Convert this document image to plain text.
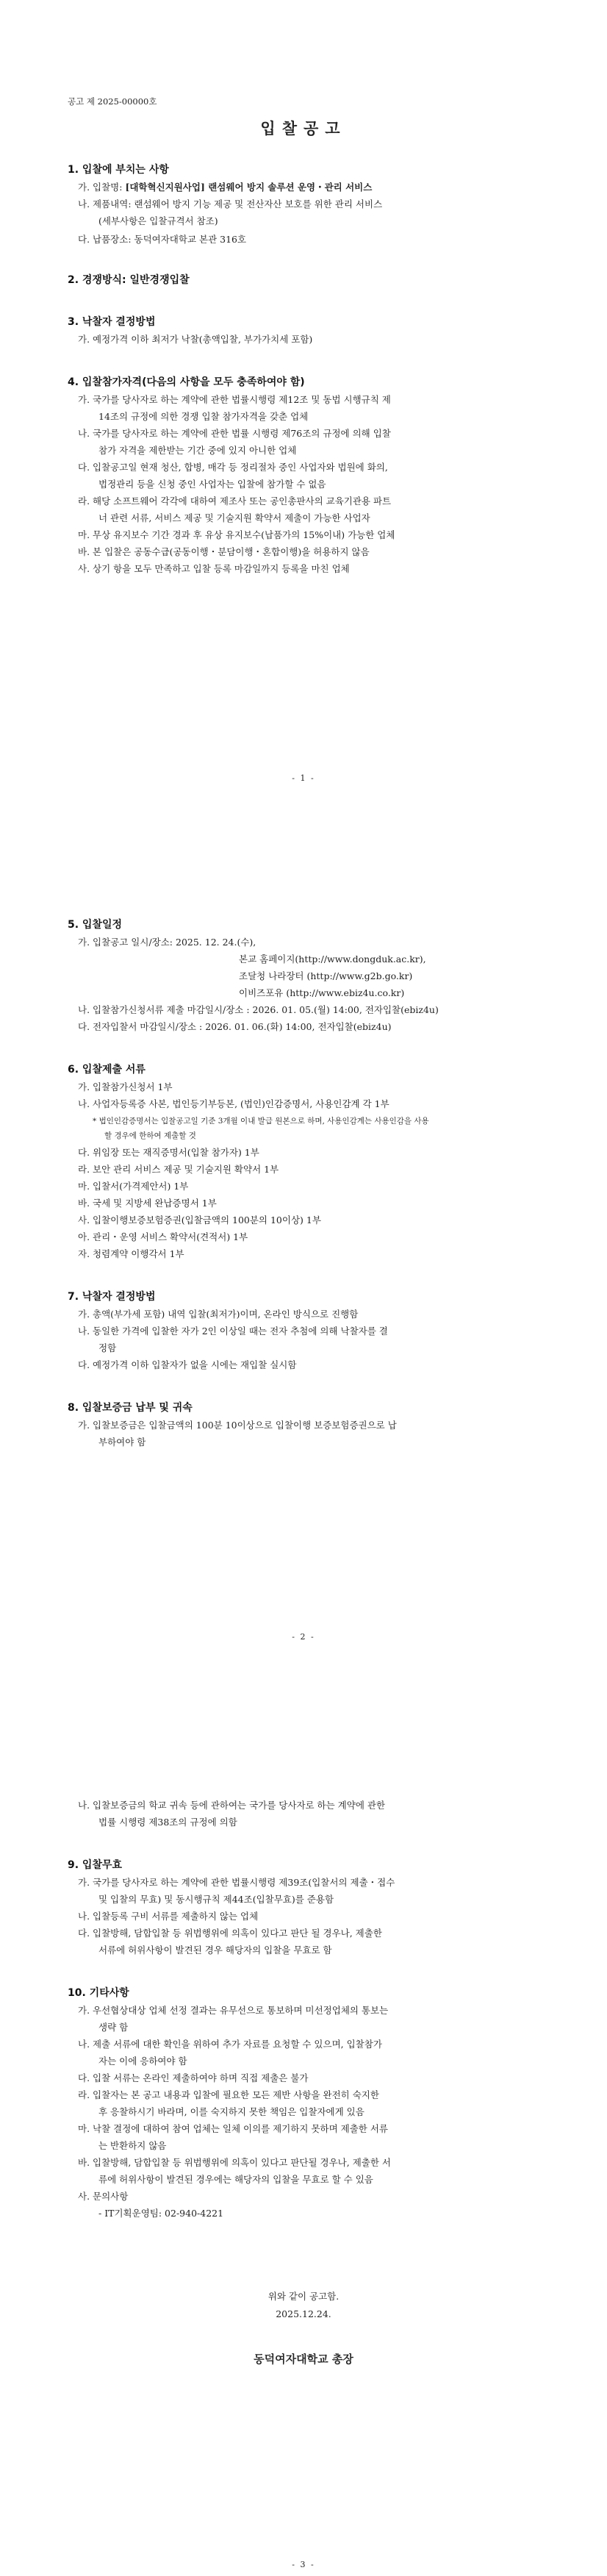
공고 제 2025-00000호
입찰공고
1. 입찰에 부치는 사항
가. 입찰명: [대학혁신지원사업] 랜섬웨어 방지 솔루션 운영・관리 서비스
나. 제품내역: 랜섬웨어 방지 기능 제공 및 전산자산 보호를 위한 관리 서비스
(세부사항은 입찰규격서 참조)
다. 납품장소: 동덕여자대학교 본관 316호
2. 경쟁방식: 일반경쟁입찰
3. 낙찰자 결정방법
가. 예정가격 이하 최저가 낙찰(총액입찰, 부가가치세 포함)
4. 입찰참가자격(다음의 사항을 모두 충족하여야 함)
가. 국가를 당사자로 하는 계약에 관한 법률시행령 제12조 및 동법 시행규칙 제
14조의 규정에 의한 경쟁 입찰 참가자격을 갖춘 업체
나. 국가를 당사자로 하는 계약에 관한 법률 시행령 제76조의 규정에 의해 입찰
참가 자격을 제한받는 기간 중에 있지 아니한 업체
다. 입찰공고일 현재 청산, 합병, 매각 등 정리절차 중인 사업자와 법원에 화의,
법정관리 등을 신청 중인 사업자는 입찰에 참가할 수 없음
라. 해당 소프트웨어 각각에 대하여 제조사 또는 공인총판사의 교육기관용 파트
너 관련 서류, 서비스 제공 및 기술지원 확약서 제출이 가능한 사업자
마. 무상 유지보수 기간 경과 후 유상 유지보수(납품가의 15%이내) 가능한 업체
바. 본 입찰은 공동수급(공동이행・분담이행・혼합이행)을 허용하지 않음
사. 상기 항을 모두 만족하고 입찰 등록 마감일까지 등록을 마친 업체
- 1 -
5. 입찰일정
가. 입찰공고 일시/장소: 2025. 12. 24.(수),
본교 홈페이지(http://www.dongduk.ac.kr),
조달청 나라장터 (http://www.g2b.go.kr)
이비즈포유 (http://www.ebiz4u.co.kr)
나. 입찰참가신청서류 제출 마감일시/장소 : 2026. 01. 05.(월) 14:00, 전자입찰(ebiz4u)
다. 전자입찰서 마감일시/장소 : 2026. 01. 06.(화) 14:00, 전자입찰(ebiz4u)
6. 입찰제출 서류
가. 입찰참가신청서 1부
나. 사업자등록증 사본, 법인등기부등본, (법인)인감증명서, 사용인감계 각 1부
* 법인인감증명서는 입찰공고일 기준 3개월 이내 발급 원본으로 하며, 사용인감계는 사용인감을 사용
할 경우에 한하여 제출할 것
다. 위임장 또는 재직증명서(입찰 참가자) 1부
라. 보안 관리 서비스 제공 및 기술지원 확약서 1부
마. 입찰서(가격제안서) 1부
바. 국세 및 지방세 완납증명서 1부
사. 입찰이행보증보험증권(입찰금액의 100분의 10이상) 1부
아. 관리・운영 서비스 확약서(견적서) 1부
자. 청렴계약 이행각서 1부
7. 낙찰자 결정방법
가. 총액(부가세 포함) 내역 입찰(최저가)이며, 온라인 방식으로 진행함
나. 동일한 가격에 입찰한 자가 2인 이상일 때는 전자 추첨에 의해 낙찰자를 결
정함
다. 예정가격 이하 입찰자가 없을 시에는 재입찰 실시함
8. 입찰보증금 납부 및 귀속
가. 입찰보증금은 입찰금액의 100분 10이상으로 입찰이행 보증보험증권으로 납
부하여야 함
- 2 -
나. 입찰보증금의 학교 귀속 등에 관하여는 국가를 당사자로 하는 계약에 관한
법률 시행령 제38조의 규정에 의함
9. 입찰무효
가. 국가를 당사자로 하는 계약에 관한 법률시행령 제39조(입찰서의 제출・접수
및 입찰의 무효) 및 동시행규칙 제44조(입찰무효)를 준용함
나. 입찰등록 구비 서류를 제출하지 않는 업체
다. 입찰방해, 담합입찰 등 위법행위에 의혹이 있다고 판단 될 경우나, 제출한
서류에 허위사항이 발견된 경우 해당자의 입찰을 무효로 함
10. 기타사항
가. 우선협상대상 업체 선정 결과는 유무선으로 통보하며 미선정업체의 통보는
생략 함
나. 제출 서류에 대한 확인을 위하여 추가 자료를 요청할 수 있으며, 입찰참가
자는 이에 응하여야 함
다. 입찰 서류는 온라인 제출하여야 하며 직접 제출은 불가
라. 입찰자는 본 공고 내용과 입찰에 필요한 모든 제반 사항을 완전히 숙지한
후 응찰하시기 바라며, 이를 숙지하지 못한 책임은 입찰자에게 있음
마. 낙찰 결정에 대하여 참여 업체는 일체 이의를 제기하지 못하며 제출한 서류
는 반환하지 않음
바. 입찰방해, 담합입찰 등 위법행위에 의혹이 있다고 판단될 경우나, 제출한 서
류에 허위사항이 발견된 경우에는 해당자의 입찰을 무효로 할 수 있음
사. 문의사항
- IT기획운영팀: 02-940-4221
위와 같이 공고함.
2025.12.24.
동덕여자대학교 총장
- 3 -
